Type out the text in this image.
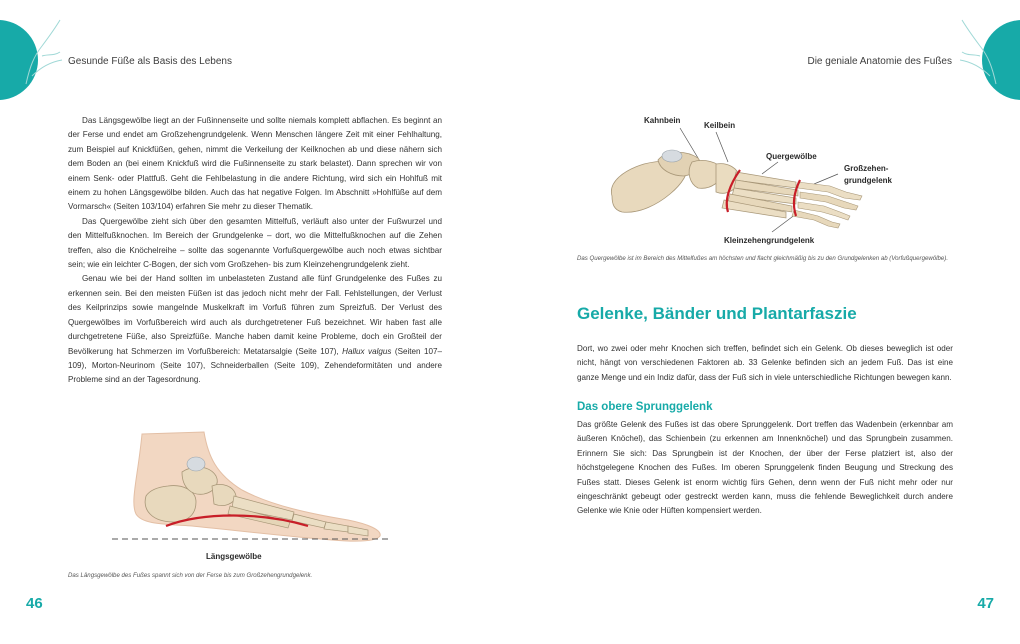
Gesunde Füße als Basis des Lebens	Die geniale Anatomie des Fußes

Das Längsgewölbe liegt an der Fußinnenseite und sollte niemals komplett abflachen. Es beginnt an der Ferse und endet am Großzehengrundgelenk. Wenn Menschen längere Zeit mit einer Fehlhaltung, zum Beispiel auf Knickfüßen, gehen, nimmt die Verkeilung der Keilknochen ab und diese nähern sich dem Boden an (bei einem Knickfuß wird die Fußinnenseite zu stark belastet). Dann sprechen wir von einem Senk- oder Plattfuß. Geht die Fehlbelastung in die andere Richtung, wird sich ein Hohlfuß mit einem zu hohen Längsgewölbe bilden. Auch das hat negative Folgen. Im Abschnitt »Hohlfüße auf dem Vormarsch« (Seiten 103/104) erfahren Sie mehr zu dieser Thematik.

Das Quergewölbe zieht sich über den gesamten Mittelfuß, verläuft also unter der Fußwurzel und den Mittelfußknochen. Im Bereich der Grundgelenke – dort, wo die Mittelfußknochen auf die Zehen treffen, also die Knöchelreihe – sollte das sogenannte Vorfußquergewölbe auch noch etwas sichtbar sein; wie ein leichter C-Bogen, der sich vom Großzehen- bis zum Kleinzehengrundgelenk zieht.

Genau wie bei der Hand sollten im unbelasteten Zustand alle fünf Grundgelenke des Fußes zu erkennen sein. Bei den meisten Füßen ist das jedoch nicht mehr der Fall. Fehlstellungen, der Verlust des Keilprinzips sowie mangelnde Muskelkraft im Vorfuß führen zum Spreizfuß. Der Verlust des Quergewölbes im Vorfußbereich wird auch als durchgetretener Fuß bezeichnet. Wir haben fast alle durchgetretene Füße, also Spreizfüße. Manche haben damit keine Probleme, doch ein Großteil der Bevölkerung hat Schmerzen im Vorfußbereich: Metatarsalgie (Seite 107), Hallux valgus (Seiten 107–109), Morton-Neurinom (Seite 107), Schneiderballen (Seite 109), Zehendeformitäten und andere Probleme sind an der Tagesordnung.

Längsgewölbe
Das Längsgewölbe des Fußes spannt sich von der Ferse bis zum Großzehengrundgelenk.
46	47
Kahnbein
Keilbein
Quergewölbe
Großzehen-
grundgelenk
Kleinzehengrundgelenk
Das Quergewölbe ist im Bereich des Mittelfußes am höchsten und flacht gleichmäßig bis zu den Grundgelenken ab (Vorfußquergewölbe).
Gelenke, Bänder und Plantarfaszie

Dort, wo zwei oder mehr Knochen sich treffen, befindet sich ein Gelenk. Ob dieses beweglich ist oder nicht, hängt von verschiedenen Faktoren ab. 33 Gelenke befinden sich an jedem Fuß. Das ist eine ganze Menge und ein Indiz dafür, dass der Fuß sich in viele unterschiedliche Richtungen bewegen kann.

Das obere Sprunggelenk

Das größte Gelenk des Fußes ist das obere Sprunggelenk. Dort treffen das Wadenbein (erkennbar am äußeren Knöchel), das Schienbein (zu erkennen am Innenknöchel) und das Sprungbein zusammen. Erinnern Sie sich: Das Sprungbein ist der Knochen, der über der Ferse platziert ist, also der höchstgelegene Knochen des Fußes. Im oberen Sprunggelenk finden Beugung und Streckung des Fußes statt. Dieses Gelenk ist enorm wichtig fürs Gehen, denn wenn der Fuß nicht mehr oder nur eingeschränkt gebeugt oder gestreckt werden kann, muss die fehlende Beweglichkeit durch andere Gelenke wie Knie oder Hüften kompensiert werden.
